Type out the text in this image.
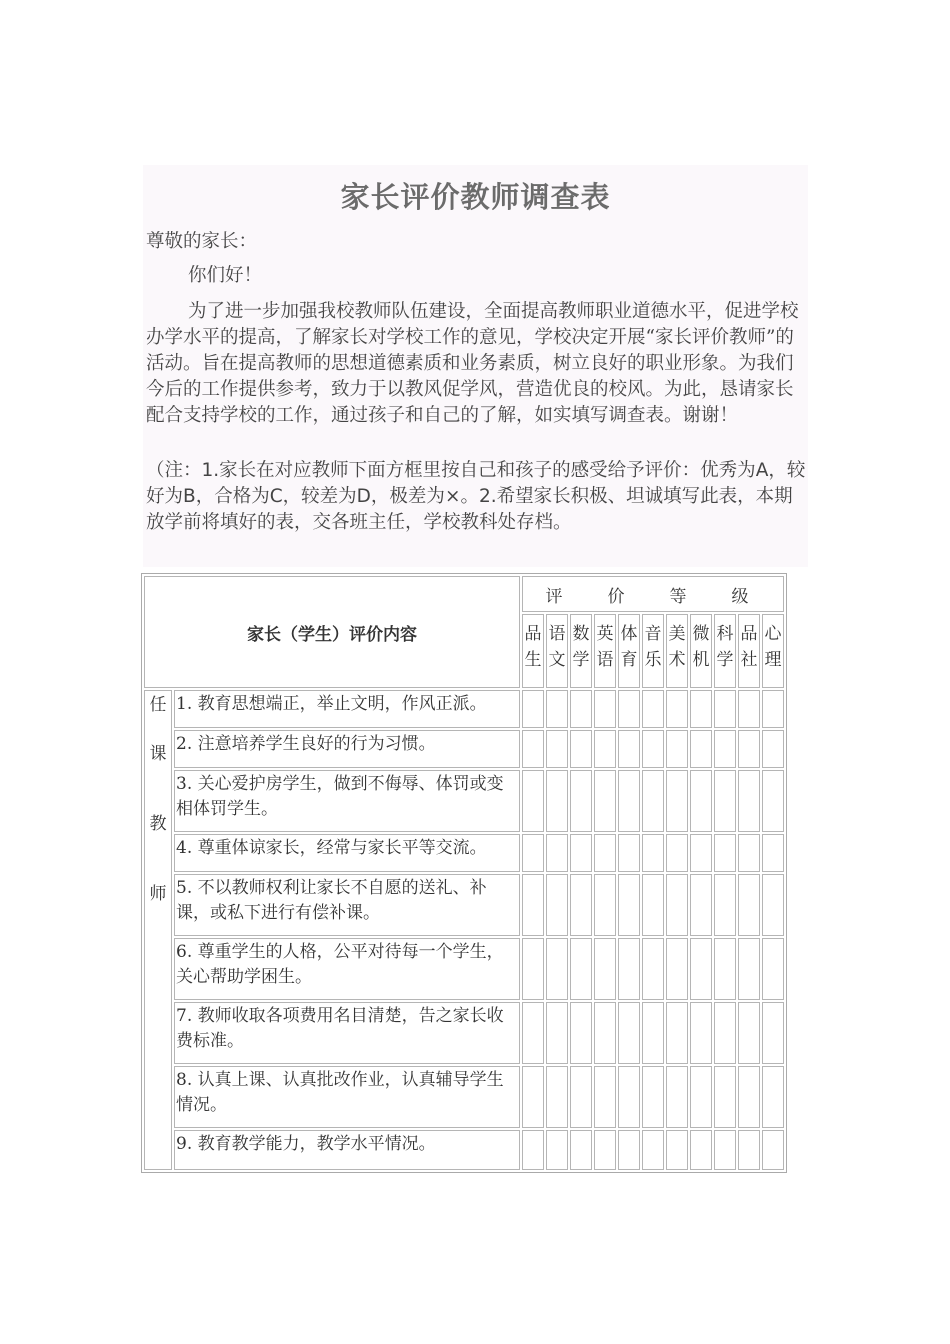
家长评价教师调查表

尊敬的家长：

你们好！

为了进一步加强我校教师队伍建设，全面提高教师职业道德水平，促进学校办学水平的提高，了解家长对学校工作的意见，学校决定开展“家长评价教师”的活动。旨在提高教师的思想道德素质和业务素质，树立良好的职业形象。为我们今后的工作提供参考，致力于以教风促学风，营造优良的校风。为此，恳请家长配合支持学校的工作，通过孩子和自己的了解，如实填写调查表。谢谢！

（注：1.家长在对应教师下面方框里按自己和孩子的感受给予评价：优秀为A，较好为B，合格为C，较差为D，极差为×。2.希望家长积极、坦诚填写此表，本期放学前将填好的表，交各班主任，学校教科处存档。

家长（学生）评价内容		评 价 等 级										
		品生	语文	数学	英语	体育	音乐	美术	微机	科学	品社	心理

任
课
教
师	1. 教育思想端正，举止文明，作风正派。											
	2. 注意培养学生良好的行为习惯。											
	3. 关心爱护房学生，做到不侮辱、体罚或变相体罚学生。											
	4. 尊重体谅家长，经常与家长平等交流。											
	5. 不以教师权利让家长不自愿的送礼、补课，或私下进行有偿补课。											
	6. 尊重学生的人格，公平对待每一个学生，关心帮助学困生。											
	7. 教师收取各项费用名目清楚，告之家长收费标准。											
	8. 认真上课、认真批改作业，认真辅导学生情况。											
	9. 教育教学能力，教学水平情况。											
